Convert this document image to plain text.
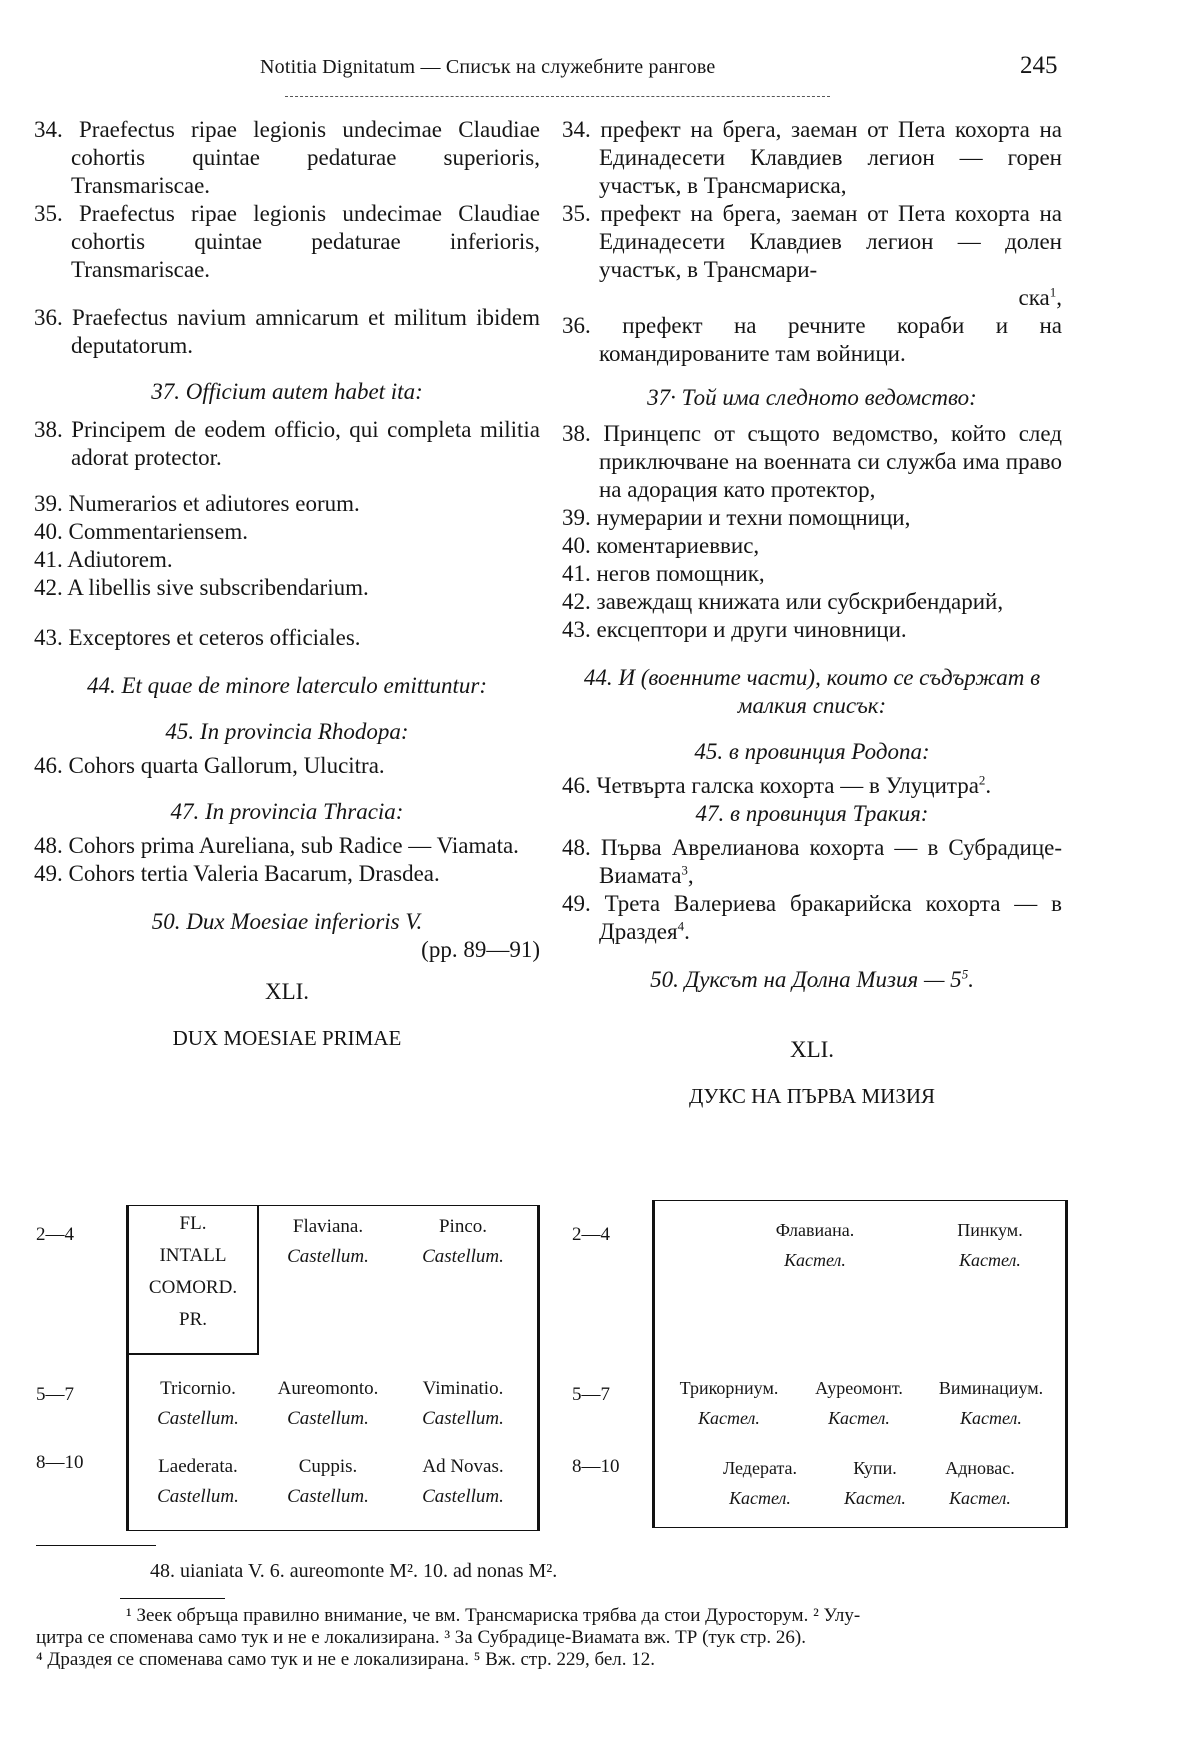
Notitia Dignitatum — Списък на служебните рангове	245

34. Praefectus ripae legionis undecimae Claudiae cohortis quintae pedaturae superioris, Transmariscae.

35. Praefectus ripae legionis undecimae Claudiae cohortis quintae pedaturae inferioris, Transmariscae.

36. Praefectus navium amnicarum et militum ibidem deputatorum.

37. Officium autem habet ita:

38. Principem de eodem officio, qui completa militia adorat protector.

39. Numerarios et adiutores eorum.

40. Commentariensem.

41. Adiutorem.

42. A libellis sive subscribendarium.

43. Exceptores et ceteros officiales.

44. Et quae de minore laterculo emittuntur:

45. In provincia Rhodopa:

46. Cohors quarta Gallorum, Ulucitra.

47. In provincia Thracia:

48. Cohors prima Aureliana, sub Radice — Viamata.

49. Cohors tertia Valeria Bacarum, Drasdea.

50. Dux Moesiae inferioris V.

(pp. 89—91)

XLI.

DUX MOESIAE PRIMAE

34. префект на брега, заеман от Пета кохорта на Единадесети Клавдиев легион — горен участък, в Трансмариска,

35. префект на брега, заеман от Пета кохорта на Единадесети Клавдиев легион — долен участък, в Трансмари-
ска$^1$,

36. префект на речните кораби и на командированите там войници.

37· Той има следното ведомство:

38. Принцепс от същото ведомство, който след приключване на военната си служба има право на адорация като протектор,

39. нумерарии и техни помощници,

40. коментариеввис,

41. негов помощник,

42. завеждащ книжата или субскрибендарий,

43. ексцептори и други чиновници.

44. И (военните части), които се съдържат в малкия списък:

45. в провинция Родопа:

46. Четвърта галска кохорта — в Улуцитра$^2$.

47. в провинция Тракия:

48. Първа Аврелианова кохорта — в Субрадице-Виамата$^3$,

49. Трета Валериева бракарийска кохорта — в Драздея$^4$.

50. Дуксът на Долна Мизия — $5^5$.

XLI.

ДУКС НА ПЪРВА МИЗИЯ

2—4
5—7
8—10
FL.
INTALL
COMORD.
PR.
Flaviana.
Castellum.
Pinco.
Castellum.
Tricornio.
Castellum.
Aureomonto.
Castellum.
Viminatio.
Castellum.
Laederata.
Castellum.
Cuppis.
Castellum.
Ad Novas.
Castellum.
2—4
5—7
8—10
Флавиана.
Кастел.
Пинкум.
Кастел.
Трикорниум.
Кастел.
Ауреомонт.
Кастел.
Виминациум.
Кастел.
Ледерата.
Кастел.
Купи.
Кастел.
Адновас.
Кастел.
48. uianiata V. 6. aureomonte M². 10. ad nonas M².
¹ Зеек обръща правилно внимание, че вм. Трансмариска трябва да стои Дуросторум. ² Улу-
цитра се споменава само тук и не е локализирана. ³ За Субрадице-Виамата вж. ТР (тук стр. 26).
⁴ Драздея се споменава само тук и не е локализирана. ⁵ Вж. стр. 229, бел. 12.
